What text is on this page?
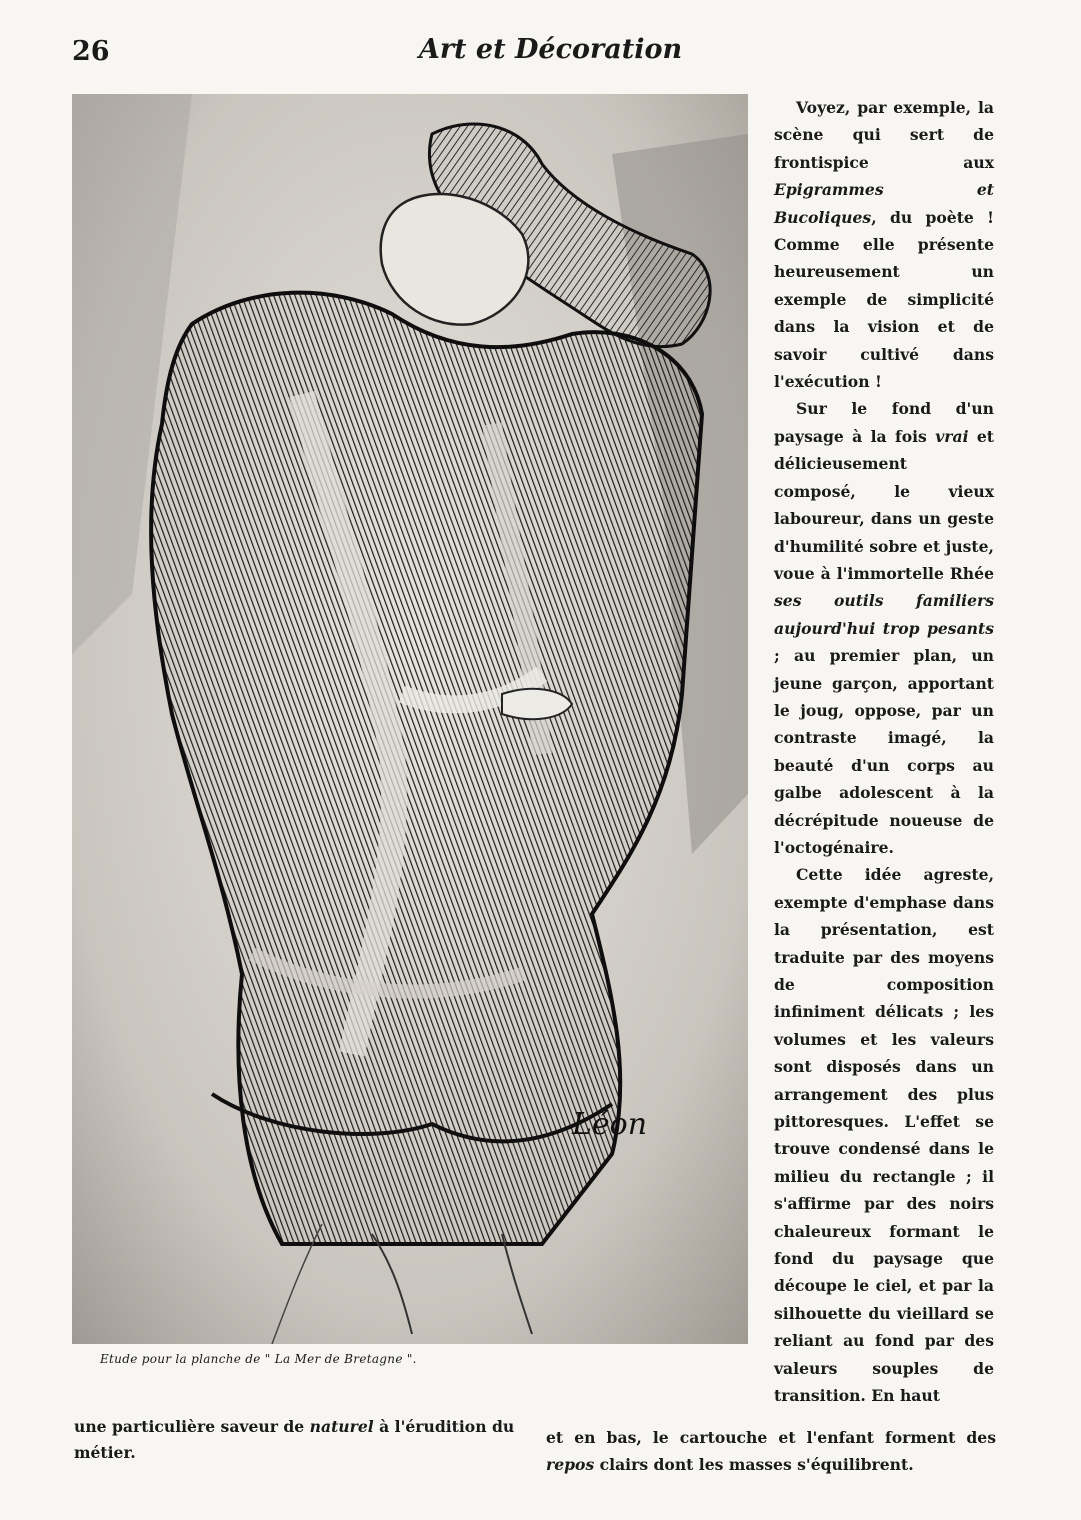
26	Art et Décoration
Léon
Etude pour la planche de " La Mer de Bretagne ".

Voyez, par exemple, la scène qui sert de frontispice aux Epigrammes et Bucoliques, du poète ! Comme elle présente heureusement un exemple de simplicité dans la vision et de savoir cultivé dans l'exécution !

Sur le fond d'un paysage à la fois vrai et délicieusement composé, le vieux laboureur, dans un geste d'humilité sobre et juste, voue à l'immortelle Rhée ses outils familiers aujourd'hui trop pesants ; au premier plan, un jeune garçon, apportant le joug, oppose, par un contraste imagé, la beauté d'un corps au galbe adolescent à la décrépitude noueuse de l'octogénaire.

Cette idée agreste, exempte d'emphase dans la présentation, est traduite par des moyens de composition infiniment délicats ; les volumes et les valeurs sont disposés dans un arrangement des plus pittoresques. L'effet se trouve condensé dans le milieu du rectangle ; il s'affirme par des noirs chaleureux formant le fond du paysage que découpe le ciel, et par la silhouette du vieillard se reliant au fond par des valeurs souples de transition. En haut

une particulière saveur de naturel à l'érudition du métier.
et en bas, le cartouche et l'enfant forment des repos clairs dont les masses s'équilibrent.
